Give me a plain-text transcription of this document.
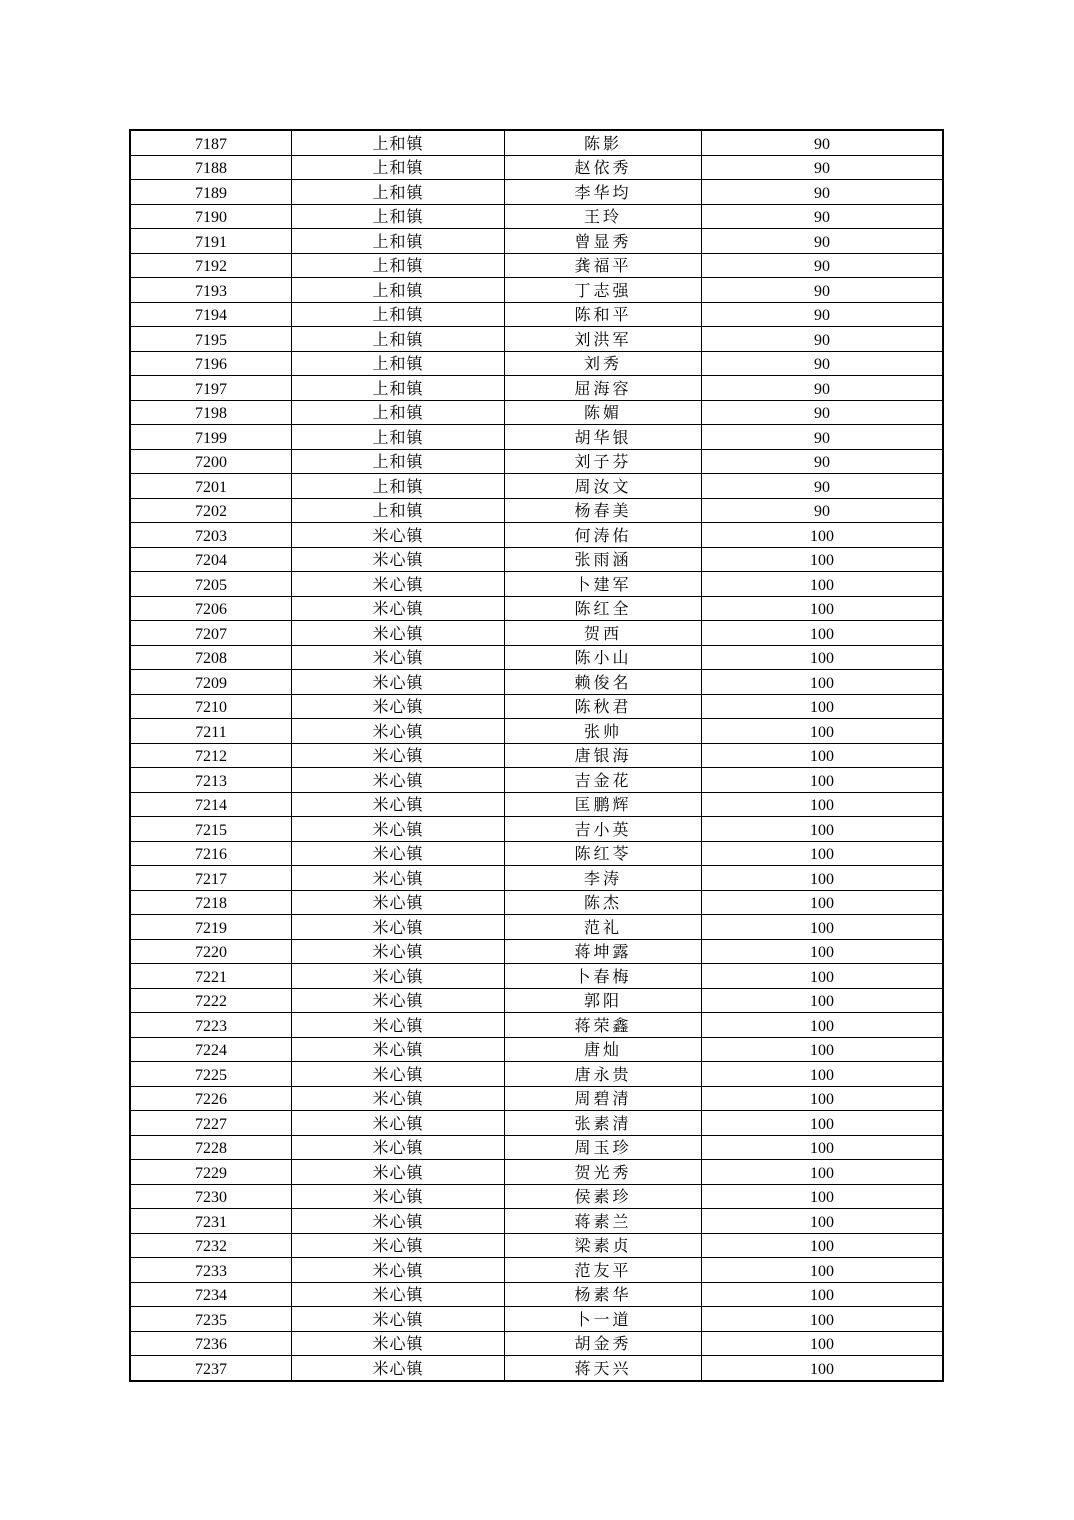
7187	上和镇	陈影	90
7188	上和镇	赵依秀	90
7189	上和镇	李华均	90
7190	上和镇	王玲	90
7191	上和镇	曾显秀	90
7192	上和镇	龚福平	90
7193	上和镇	丁志强	90
7194	上和镇	陈和平	90
7195	上和镇	刘洪军	90
7196	上和镇	刘秀	90
7197	上和镇	屈海容	90
7198	上和镇	陈媚	90
7199	上和镇	胡华银	90
7200	上和镇	刘子芬	90
7201	上和镇	周汝文	90
7202	上和镇	杨春美	90
7203	米心镇	何涛佑	100
7204	米心镇	张雨涵	100
7205	米心镇	卜建军	100
7206	米心镇	陈红全	100
7207	米心镇	贺西	100
7208	米心镇	陈小山	100
7209	米心镇	赖俊名	100
7210	米心镇	陈秋君	100
7211	米心镇	张帅	100
7212	米心镇	唐银海	100
7213	米心镇	吉金花	100
7214	米心镇	匡鹏辉	100
7215	米心镇	吉小英	100
7216	米心镇	陈红苓	100
7217	米心镇	李涛	100
7218	米心镇	陈杰	100
7219	米心镇	范礼	100
7220	米心镇	蒋坤露	100
7221	米心镇	卜春梅	100
7222	米心镇	郭阳	100
7223	米心镇	蒋荣鑫	100
7224	米心镇	唐灿	100
7225	米心镇	唐永贵	100
7226	米心镇	周碧清	100
7227	米心镇	张素清	100
7228	米心镇	周玉珍	100
7229	米心镇	贺光秀	100
7230	米心镇	侯素珍	100
7231	米心镇	蒋素兰	100
7232	米心镇	梁素贞	100
7233	米心镇	范友平	100
7234	米心镇	杨素华	100
7235	米心镇	卜一道	100
7236	米心镇	胡金秀	100
7237	米心镇	蒋天兴	100
